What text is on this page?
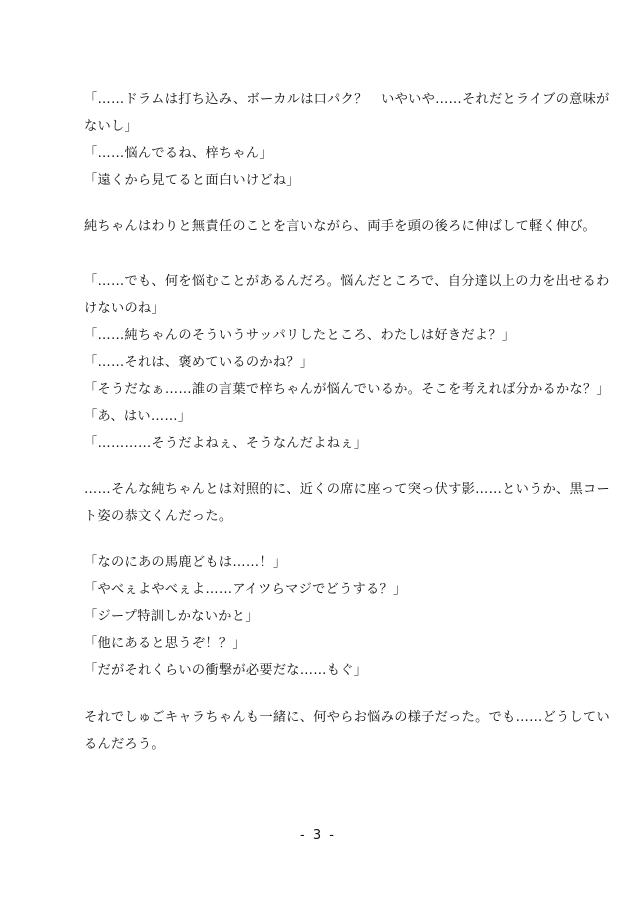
「……ドラムは打ち込み、ボーカルは口パク？　いやいや……それだとライブの意味が
ないし」
「……悩んでるね、梓ちゃん」
「遠くから見てると面白いけどね」
純ちゃんはわりと無責任のことを言いながら、両手を頭の後ろに伸ばして軽く伸び。
「……でも、何を悩むことがあるんだろ。悩んだところで、自分達以上の力を出せるわ
けないのね」
「……純ちゃんのそういうサッパリしたところ、わたしは好きだよ？」
「……それは、褒めているのかね？」
「そうだなぁ……誰の言葉で梓ちゃんが悩んでいるか。そこを考えれば分かるかな？」
「あ、はい……」
「…………そうだよねぇ、そうなんだよねぇ」
……そんな純ちゃんとは対照的に、近くの席に座って突っ伏す影……というか、黒コー
ト姿の恭文くんだった。
「なのにあの馬鹿どもは……！」
「やべぇよやべぇよ……アイツらマジでどうする？」
「ジープ特訓しかないかと」
「他にあると思うぞ！？」
「だがそれくらいの衝撃が必要だな……もぐ」
それでしゅごキャラちゃんも一緒に、何やらお悩みの様子だった。でも……どうしてい
るんだろう。
- 3 -
